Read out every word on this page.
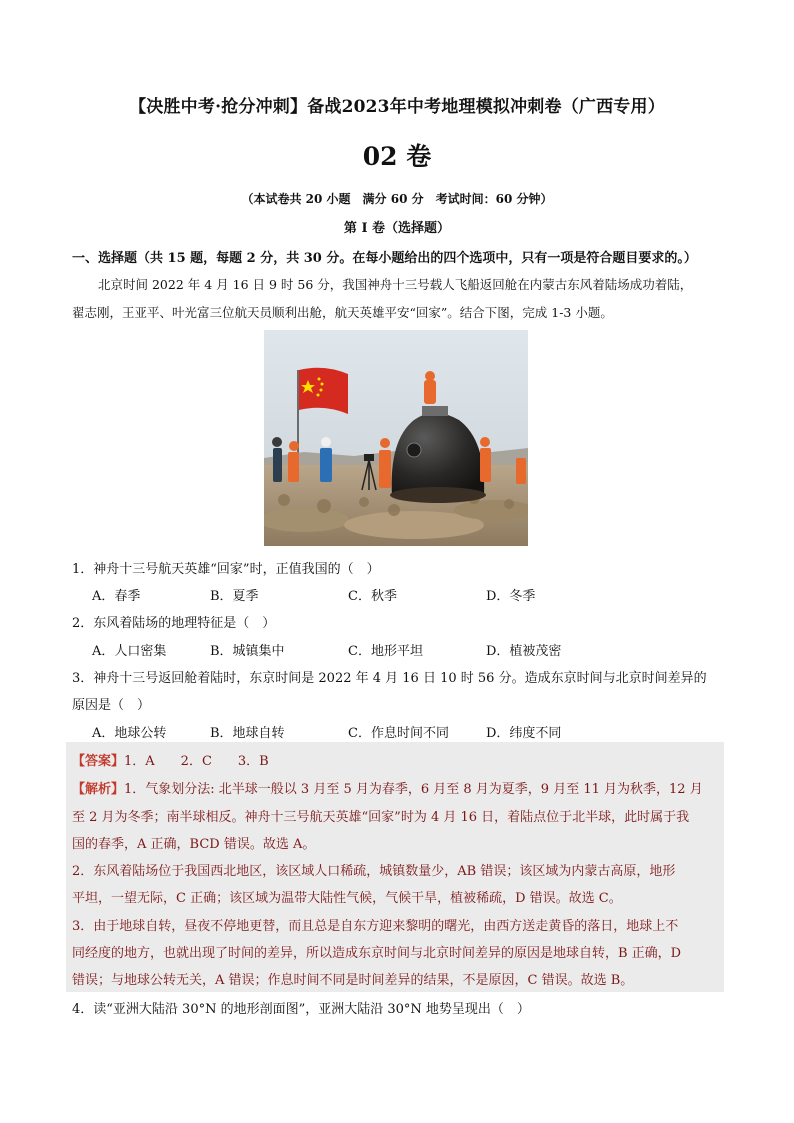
【决胜中考·抢分冲刺】备战2023年中考地理模拟冲刺卷（广西专用）
02 卷
（本试卷共 20 小题　满分 60 分　考试时间：60 分钟）
第 I 卷（选择题）
一、选择题（共 15 题，每题 2 分，共 30 分。在每小题给出的四个选项中，只有一项是符合题目要求的。）
北京时间 2022 年 4 月 16 日 9 时 56 分，我国神舟十三号载人飞船返回舱在内蒙古东风着陆场成功着陆，
翟志刚，王亚平、叶光富三位航天员顺利出舱，航天英雄平安“回家”。结合下图，完成 1-3 小题。
1．神舟十三号航天英雄“回家”时，正值我国的（　）
A．春季	B．夏季	C．秋季	D．冬季
2．东风着陆场的地理特征是（　）
A．人口密集	B．城镇集中	C．地形平坦	D．植被茂密
3．神舟十三号返回舱着陆时，东京时间是 2022 年 4 月 16 日 10 时 56 分。造成东京时间与北京时间差异的
原因是（　）
A．地球公转	B．地球自转	C．作息时间不同	D．纬度不同
【答案】1．A　　2．C　　3．B
【解析】1．气象划分法: 北半球一般以 3 月至 5 月为春季，6 月至 8 月为夏季，9 月至 11 月为秋季，12 月
至 2 月为冬季；南半球相反。神舟十三号航天英雄“回家”时为 4 月 16 日，着陆点位于北半球，此时属于我
国的春季，A 正确，BCD 错误。故选 A。
2．东风着陆场位于我国西北地区，该区域人口稀疏，城镇数量少，AB 错误；该区域为内蒙古高原，地形
平坦，一望无际，C 正确；该区域为温带大陆性气候，气候干旱，植被稀疏，D 错误。故选 C。
3．由于地球自转，昼夜不停地更替，而且总是自东方迎来黎明的曙光，由西方送走黄昏的落日，地球上不
同经度的地方，也就出现了时间的差异，所以造成东京时间与北京时间差异的原因是地球自转，B 正确，D
错误；与地球公转无关，A 错误；作息时间不同是时间差异的结果，不是原因，C 错误。故选 B。
4．读“亚洲大陆沿 30°N 的地形剖面图”，亚洲大陆沿 30°N 地势呈现出（　）
